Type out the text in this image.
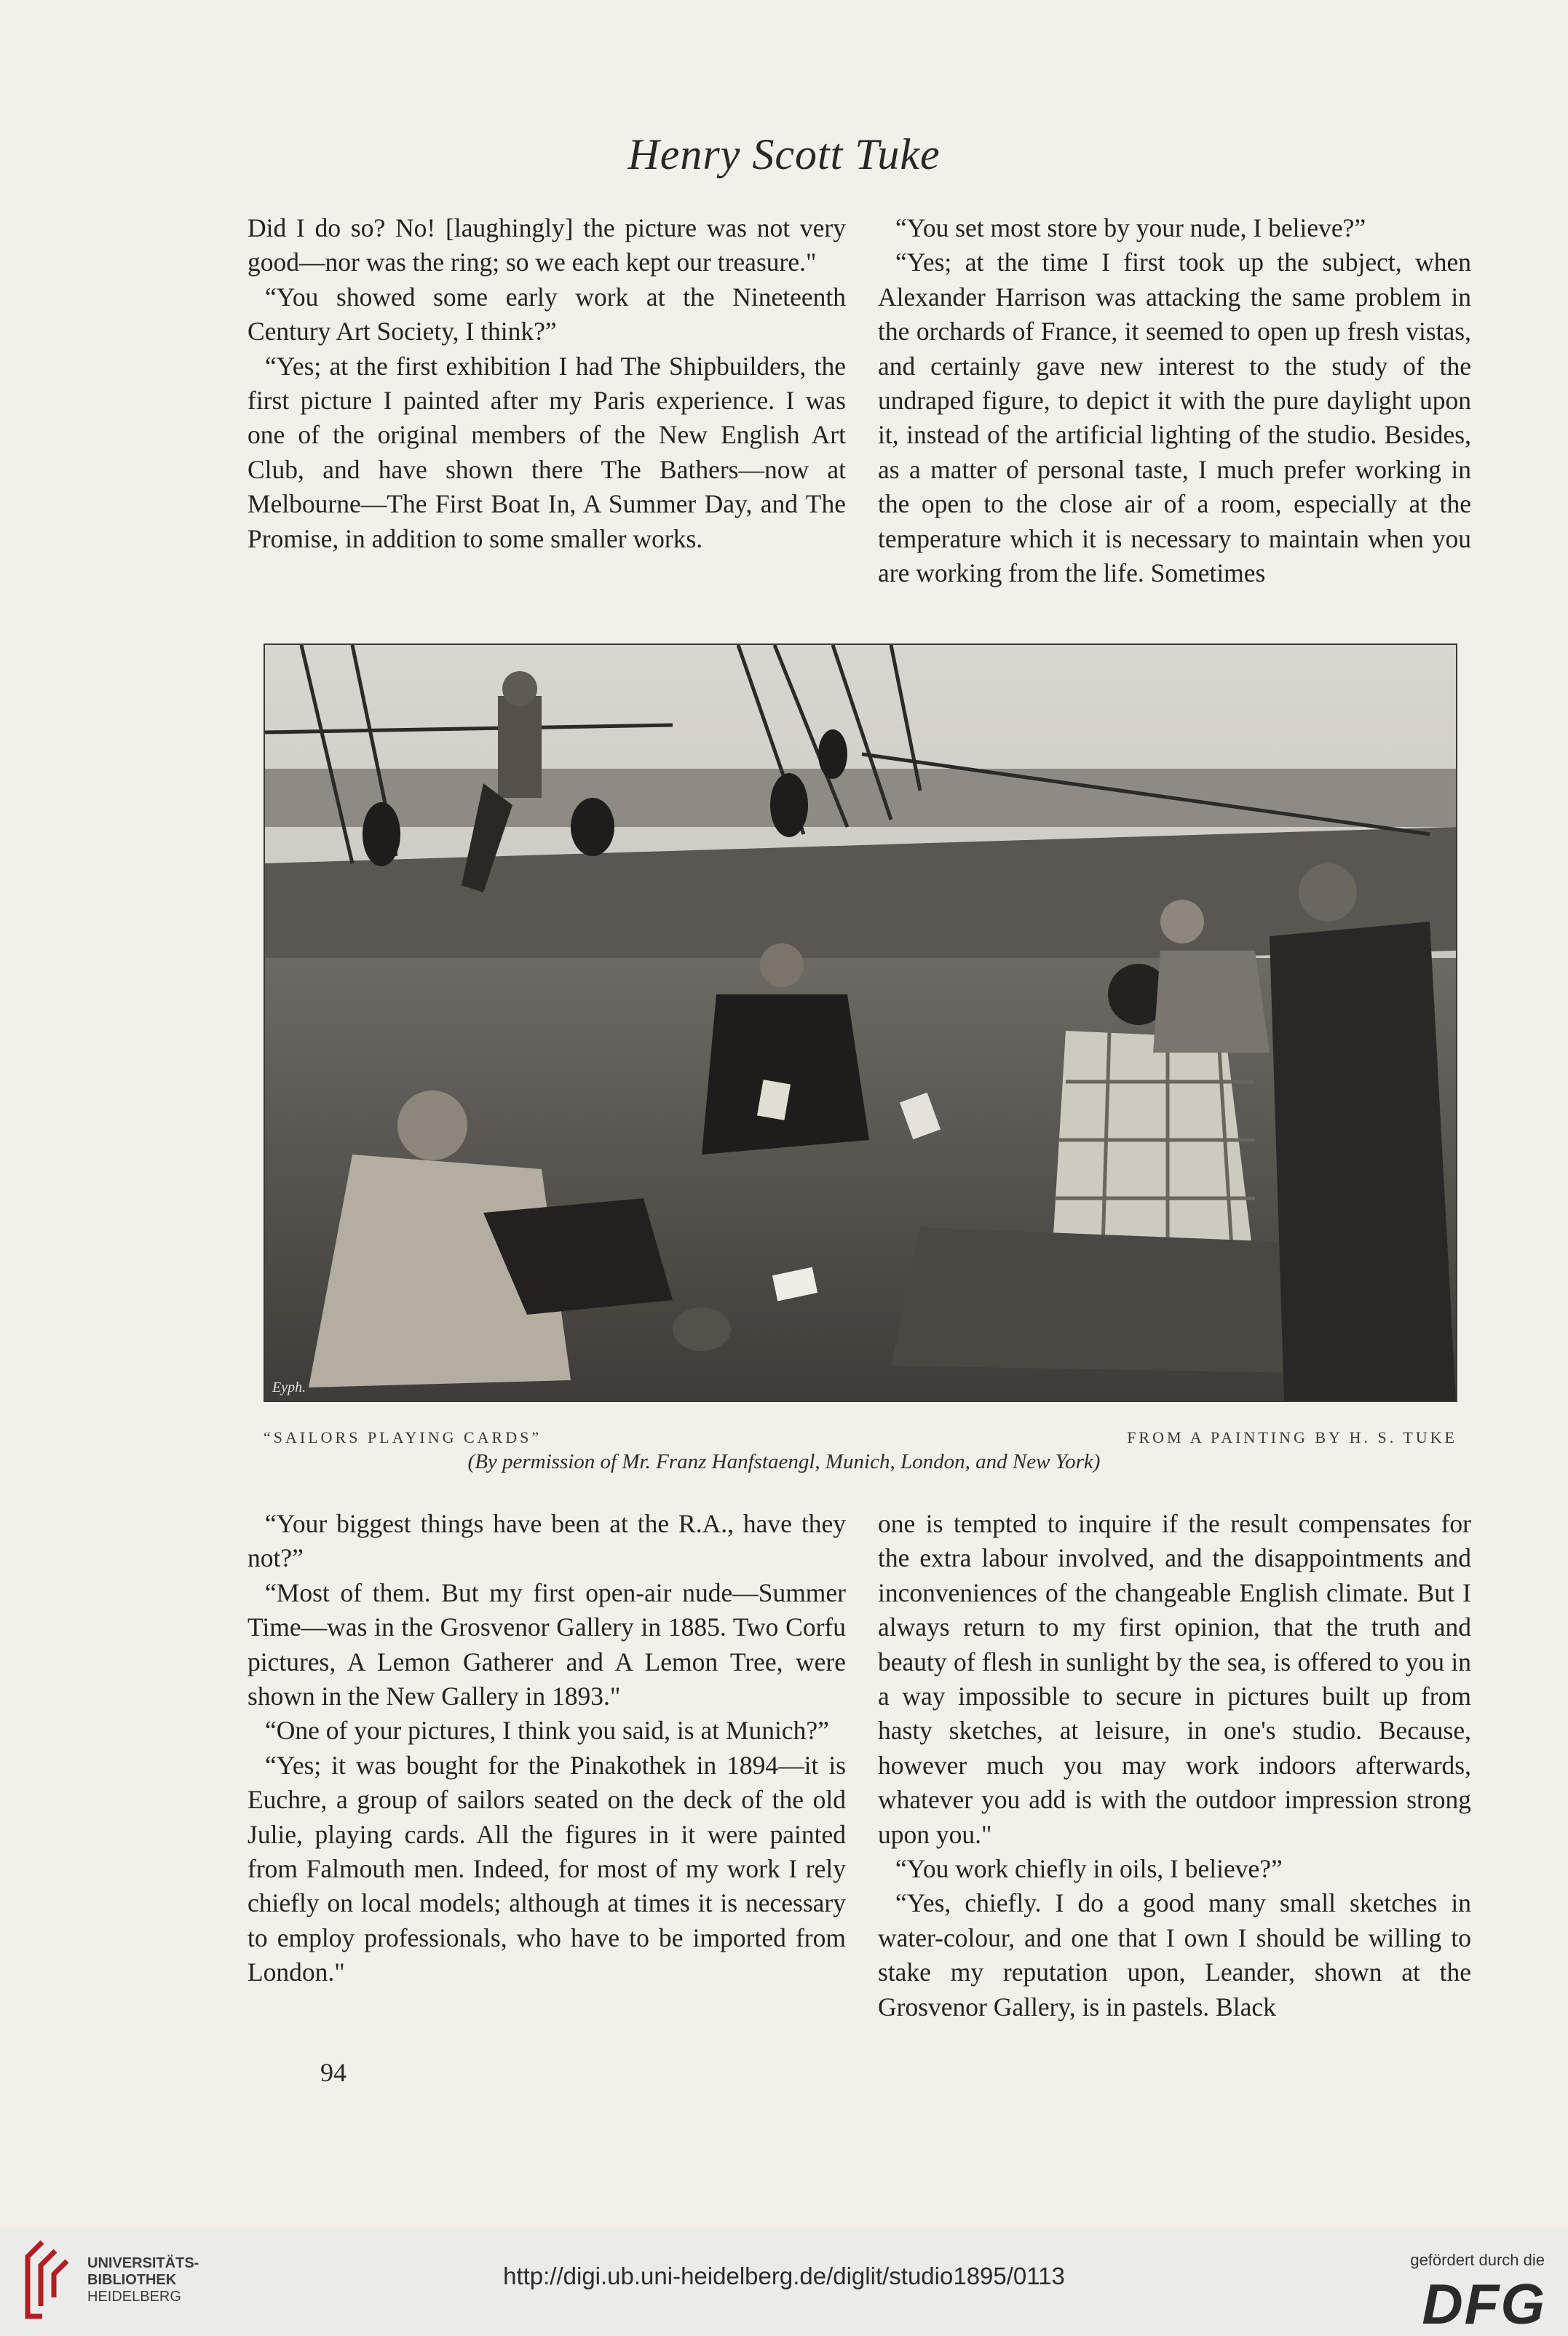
Henry Scott Tuke

Did I do so? No! [laughingly] the picture was not very good—nor was the ring; so we each kept our treasure."

“You showed some early work at the Nineteenth Century Art Society, I think?”

“Yes; at the first exhibition I had The Shipbuilders, the first picture I painted after my Paris experience. I was one of the original members of the New English Art Club, and have shown there The Bathers—now at Melbourne—The First Boat In, A Summer Day, and The Promise, in addition to some smaller works.

“You set most store by your nude, I believe?”

“Yes; at the time I first took up the subject, when Alexander Harrison was attacking the same problem in the orchards of France, it seemed to open up fresh vistas, and certainly gave new interest to the study of the undraped figure, to depict it with the pure daylight upon it, instead of the artificial lighting of the studio. Besides, as a matter of personal taste, I much prefer working in the open to the close air of a room, especially at the temperature which it is necessary to maintain when you are working from the life. Sometimes

Eyph.
“SAILORS PLAYING CARDS”	FROM A PAINTING BY H. S. TUKE
(By permission of Mr. Franz Hanfstaengl, Munich, London, and New York)

“Your biggest things have been at the R.A., have they not?”

“Most of them. But my first open-air nude—Summer Time—was in the Grosvenor Gallery in 1885. Two Corfu pictures, A Lemon Gatherer and A Lemon Tree, were shown in the New Gallery in 1893."

“One of your pictures, I think you said, is at Munich?”

“Yes; it was bought for the Pinakothek in 1894—it is Euchre, a group of sailors seated on the deck of the old Julie, playing cards. All the figures in it were painted from Falmouth men. Indeed, for most of my work I rely chiefly on local models; although at times it is necessary to employ professionals, who have to be imported from London."

one is tempted to inquire if the result compensates for the extra labour involved, and the disappointments and inconveniences of the changeable English climate. But I always return to my first opinion, that the truth and beauty of flesh in sunlight by the sea, is offered to you in a way impossible to secure in pictures built up from hasty sketches, at leisure, in one's studio. Because, however much you may work indoors afterwards, whatever you add is with the outdoor impression strong upon you."

“You work chiefly in oils, I believe?”

“Yes, chiefly. I do a good many small sketches in water-colour, and one that I own I should be willing to stake my reputation upon, Leander, shown at the Grosvenor Gallery, is in pastels. Black

94
UNIVERSITÄTS-
BIBLIOTHEK
HEIDELBERG
http://digi.ub.uni-heidelberg.de/diglit/studio1895/0113
gefördert durch die
DFG
